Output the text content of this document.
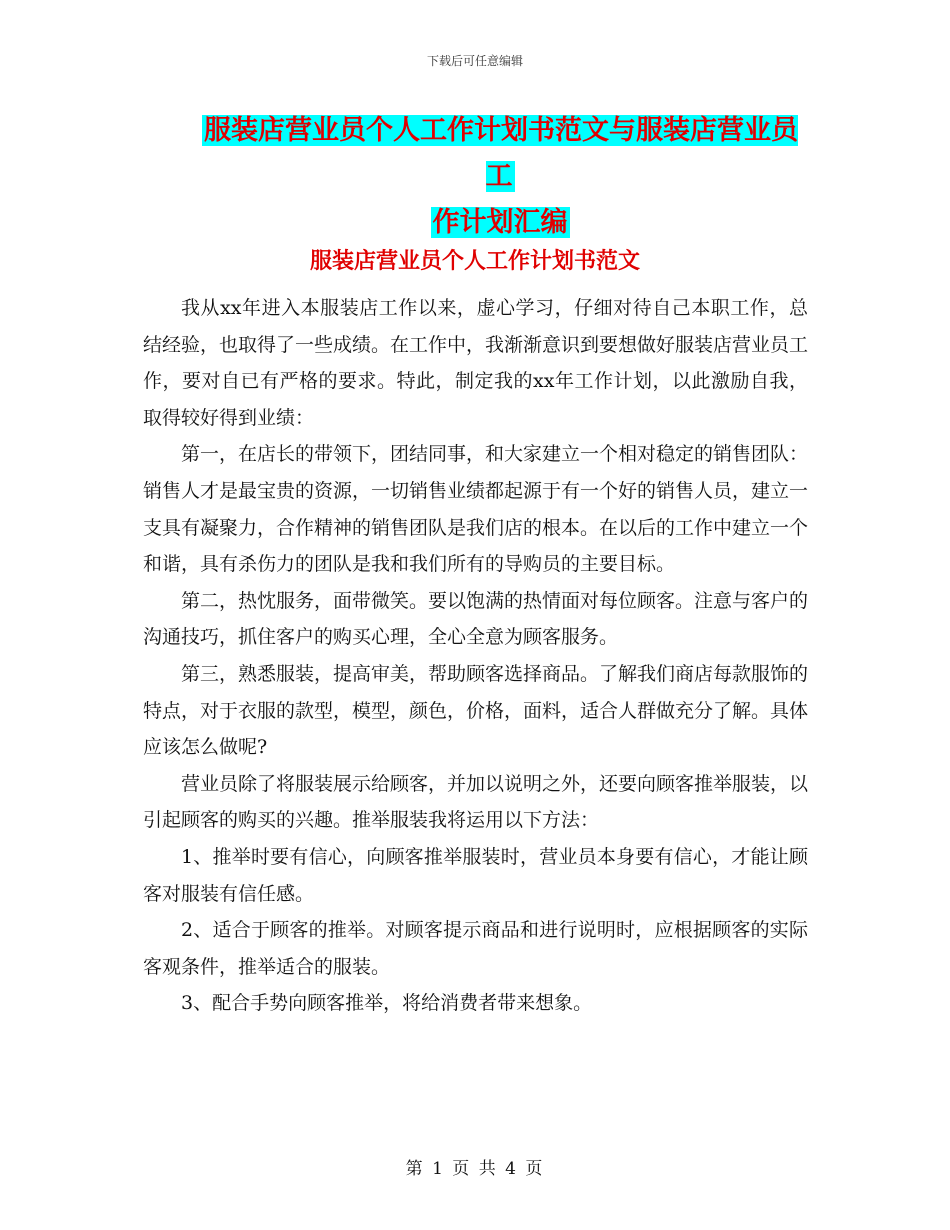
下载后可任意编辑
服装店营业员个人工作计划书范文与服装店营业员工
作计划汇编
服装店营业员个人工作计划书范文

我从xx年进入本服装店工作以来，虚心学习，仔细对待自己本职工作，总结经验，也取得了一些成绩。在工作中，我渐渐意识到要想做好服装店营业员工作，要对自已有严格的要求。特此，制定我的xx年工作计划，以此激励自我，取得较好得到业绩：

第一，在店长的带领下，团结同事，和大家建立一个相对稳定的销售团队：销售人才是最宝贵的资源，一切销售业绩都起源于有一个好的销售人员，建立一支具有凝聚力，合作精神的销售团队是我们店的根本。在以后的工作中建立一个和谐，具有杀伤力的团队是我和我们所有的导购员的主要目标。

第二，热忱服务，面带微笑。要以饱满的热情面对每位顾客。注意与客户的沟通技巧，抓住客户的购买心理，全心全意为顾客服务。

第三，熟悉服装，提高审美，帮助顾客选择商品。了解我们商店每款服饰的特点，对于衣服的款型，模型，颜色，价格，面料，适合人群做充分了解。具体应该怎么做呢?

营业员除了将服装展示给顾客，并加以说明之外，还要向顾客推举服装，以引起顾客的购买的兴趣。推举服装我将运用以下方法：

1、推举时要有信心，向顾客推举服装时，营业员本身要有信心，才能让顾客对服装有信任感。

2、适合于顾客的推举。对顾客提示商品和进行说明时，应根据顾客的实际客观条件，推举适合的服装。

3、配合手势向顾客推举，将给消费者带来想象。

第 1 页 共 4 页
